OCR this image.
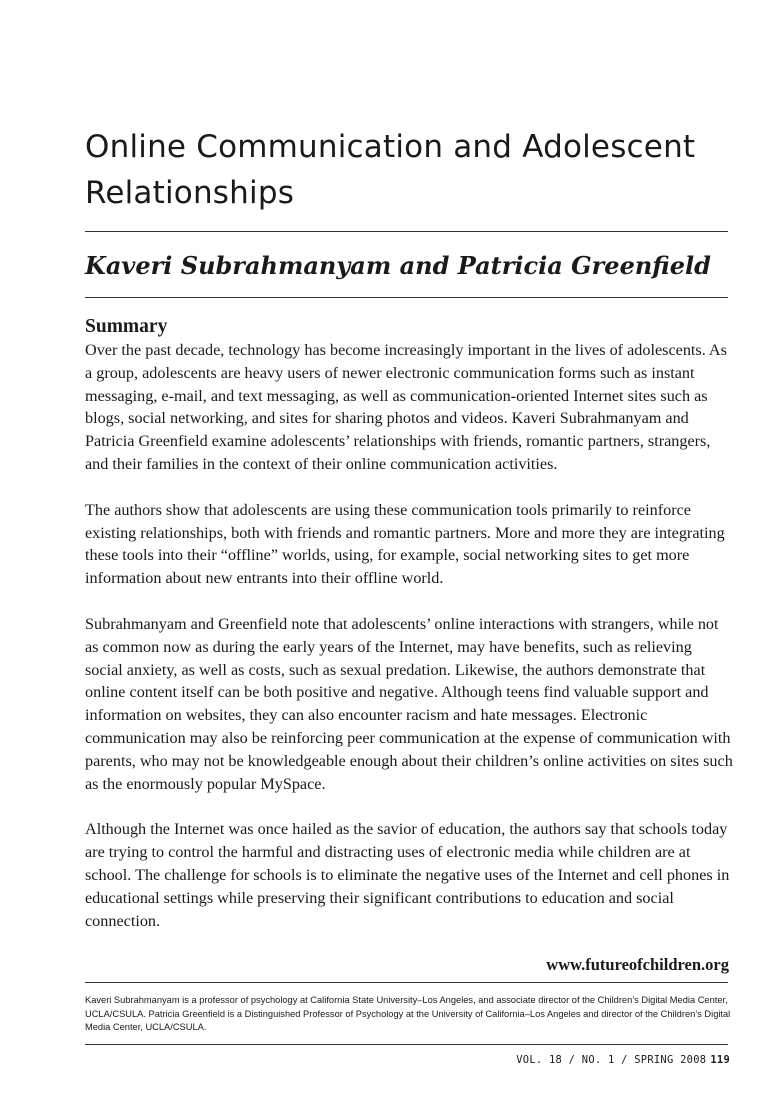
Online Communication and Adolescent Relationships
Kaveri Subrahmanyam and Patricia Greenfield
Summary

Over the past decade, technology has become increasingly important in the lives of adolescents. As a group, adolescents are heavy users of newer electronic communication forms such as instant messaging, e-mail, and text messaging, as well as communication-oriented Internet sites such as blogs, social networking, and sites for sharing photos and videos. Kaveri Subrahmanyam and Patricia Greenfield examine adolescents’ relationships with friends, romantic partners, strangers, and their families in the context of their online communication activities.

The authors show that adolescents are using these communication tools primarily to reinforce existing relationships, both with friends and romantic partners. More and more they are integrating these tools into their “offline” worlds, using, for example, social networking sites to get more information about new entrants into their offline world.

Subrahmanyam and Greenfield note that adolescents’ online interactions with strangers, while not as common now as during the early years of the Internet, may have benefits, such as relieving social anxiety, as well as costs, such as sexual predation. Likewise, the authors demonstrate that online content itself can be both positive and negative. Although teens find valuable support and information on websites, they can also encounter racism and hate messages. Electronic communication may also be reinforcing peer communication at the expense of communication with parents, who may not be knowledgeable enough about their children’s online activities on sites such as the enormously popular MySpace.

Although the Internet was once hailed as the savior of education, the authors say that schools today are trying to control the harmful and distracting uses of electronic media while children are at school. The challenge for schools is to eliminate the negative uses of the Internet and cell phones in educational settings while preserving their significant contributions to education and social connection.

www.futureofchildren.org
Kaveri Subrahmanyam is a professor of psychology at California State University–Los Angeles, and associate director of the Children’s Digital Media Center, UCLA/CSULA. Patricia Greenfield is a Distinguished Professor of Psychology at the University of California–Los Angeles and director of the Children’s Digital Media Center, UCLA/CSULA.
VOL. 18 / NO. 1 / SPRING 2008 119
